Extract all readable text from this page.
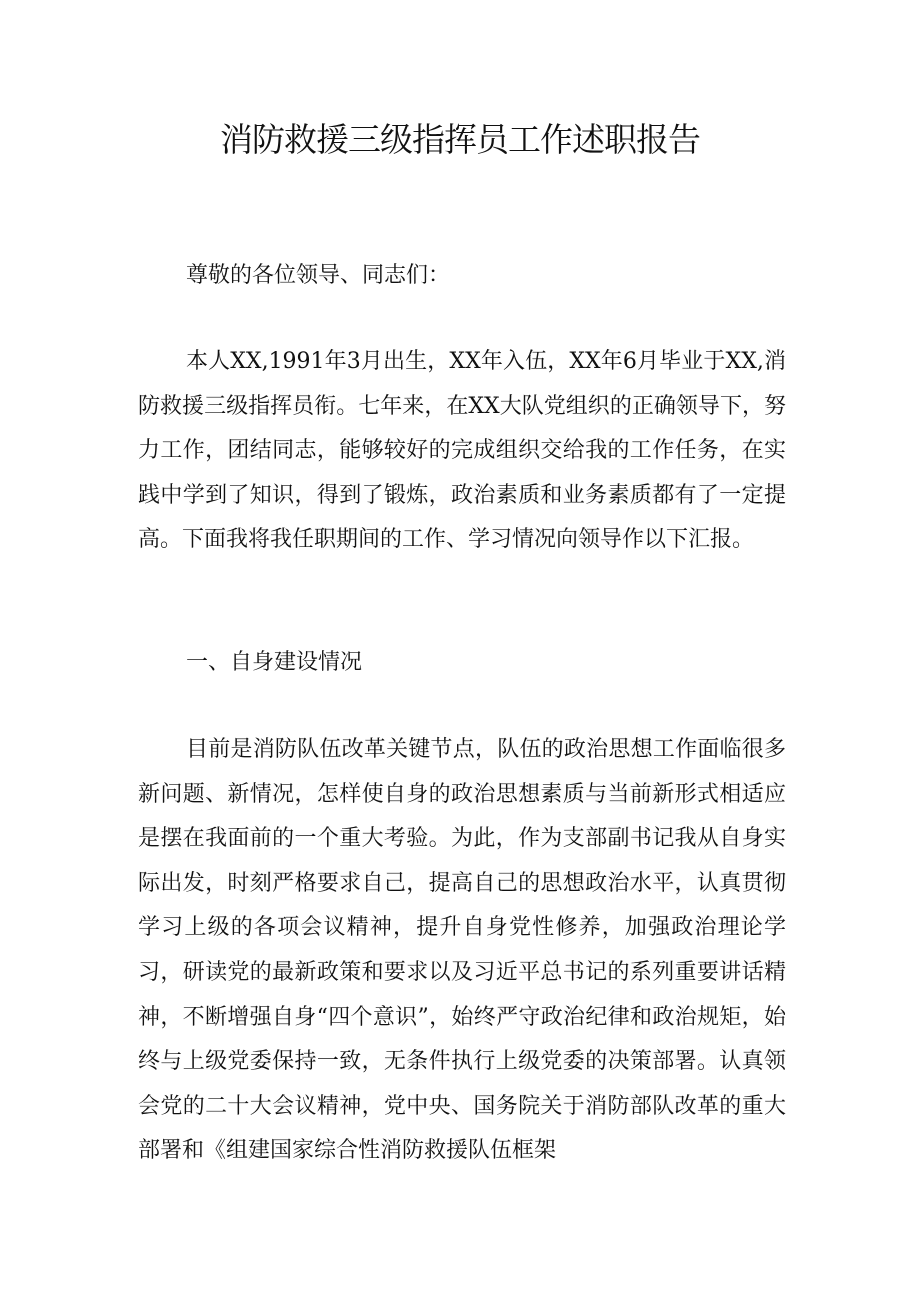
消防救援三级指挥员工作述职报告

尊敬的各位领导、同志们：

本人XX,1991年3月出生，XX年入伍，XX年6月毕业于XX,消防救援三级指挥员衔。七年来，在XX大队党组织的正确领导下，努力工作，团结同志，能够较好的完成组织交给我的工作任务，在实践中学到了知识，得到了锻炼，政治素质和业务素质都有了一定提高。下面我将我任职期间的工作、学习情况向领导作以下汇报。

一、自身建设情况

目前是消防队伍改革关键节点，队伍的政治思想工作面临很多新问题、新情况，怎样使自身的政治思想素质与当前新形式相适应是摆在我面前的一个重大考验。为此，作为支部副书记我从自身实际出发，时刻严格要求自己，提高自己的思想政治水平，认真贯彻学习上级的各项会议精神，提升自身党性修养，加强政治理论学习，研读党的最新政策和要求以及习近平总书记的系列重要讲话精神，不断增强自身“四个意识”，始终严守政治纪律和政治规矩，始终与上级党委保持一致，无条件执行上级党委的决策部署。认真领会党的二十大会议精神，党中央、国务院关于消防部队改革的重大部署和《组建国家综合性消防救援队伍框架
